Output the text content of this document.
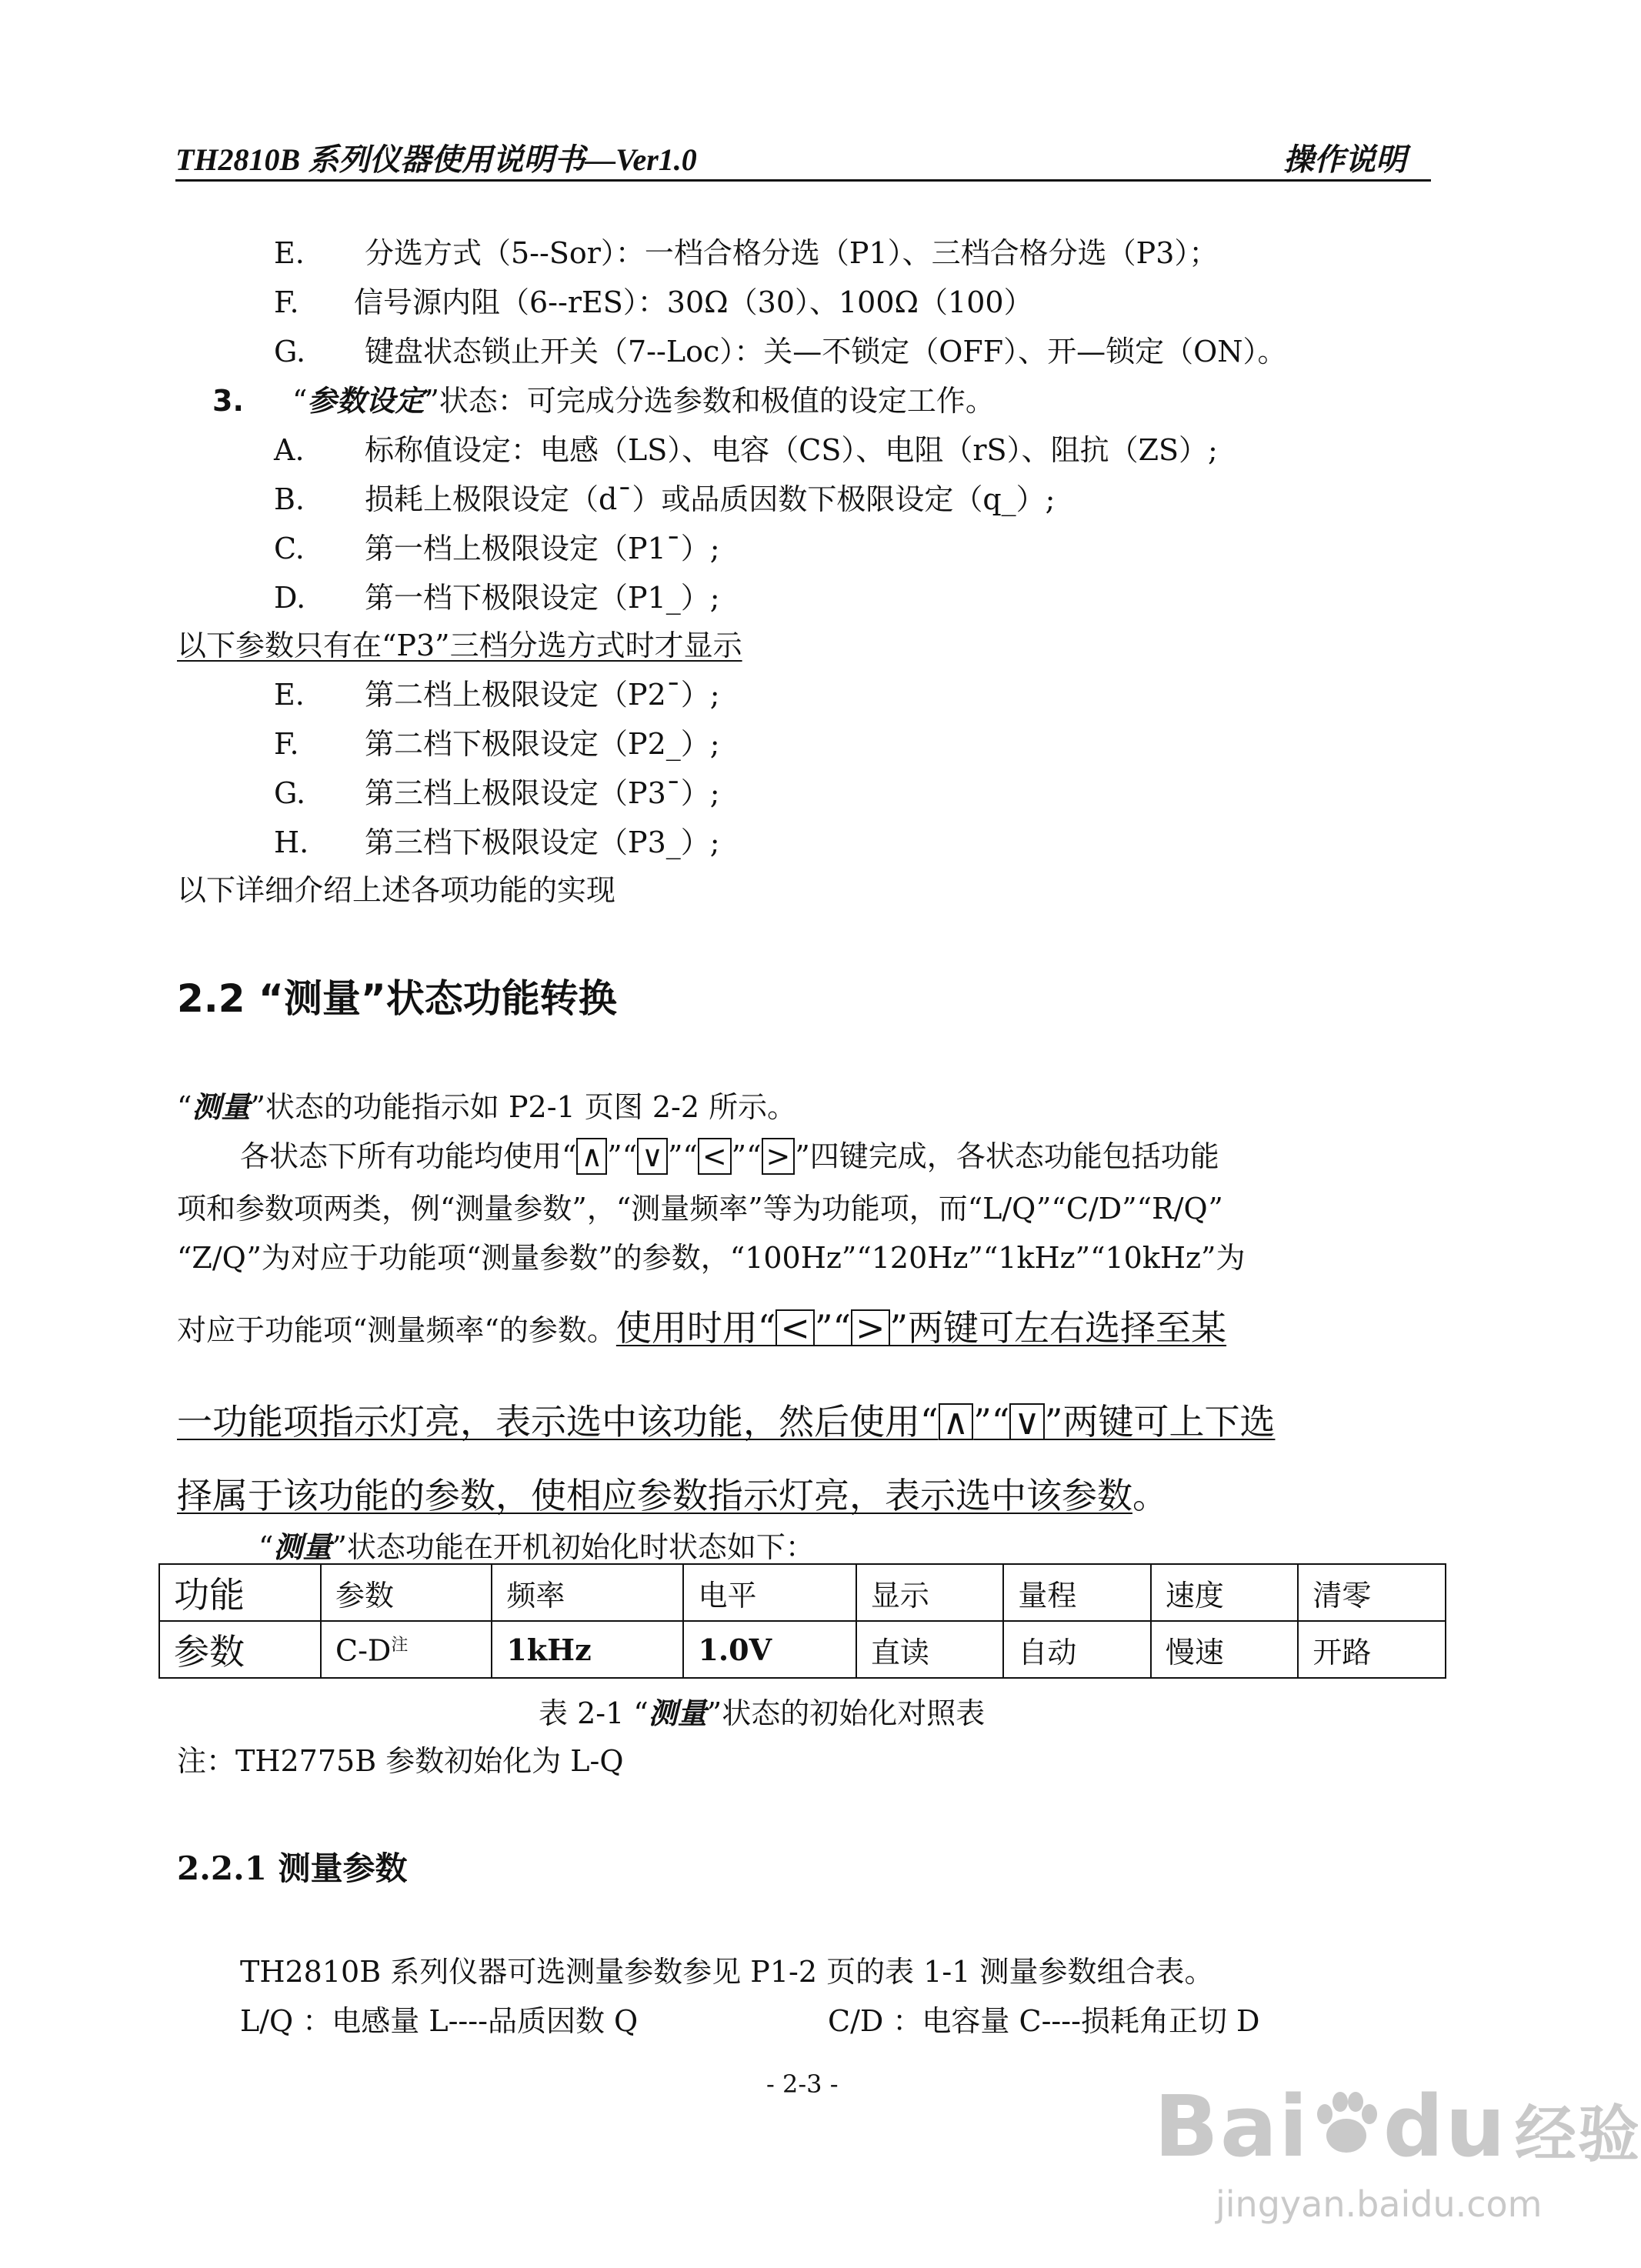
TH2810B 系列仪器使用说明书—Ver1.0	操作说明
E. 分选方式（5--Sor）：一档合格分选（P1）、三档合格分选（P3）；
F. 信号源内阻（6--rES）：30Ω（30）、100Ω（100）
G. 键盘状态锁止开关（7--Loc）：关—不锁定（OFF）、开—锁定（ON）。
3. “参数设定”状态：可完成分选参数和极值的设定工作。
A. 标称值设定：电感（LS）、电容（CS）、电阻（rS）、阻抗（ZS）;
B. 损耗上极限设定（d¯）或品质因数下极限设定（q_）;
C. 第一档上极限设定（P1¯）;
D. 第一档下极限设定（P1_）;
以下参数只有在“P3”三档分选方式时才显示
E. 第二档上极限设定（P2¯）;
F. 第二档下极限设定（P2_）;
G. 第三档上极限设定（P3¯）;
H. 第三档下极限设定（P3_）;
以下详细介绍上述各项功能的实现
2.2 “测量”状态功能转换
“测量”状态的功能指示如 P2-1 页图 2-2 所示。
各状态下所有功能均使用“ ∧ ”“ ∨ ”“ < ”“ > ”四键完成，各状态功能包括功能
项和参数项两类，例“测量参数”，“测量频率”等为功能项，而“L/Q”“C/D”“R/Q”
“Z/Q”为对应于功能项“测量参数”的参数，“100Hz”“120Hz”“1kHz”“10kHz”为
对应于功能项“测量频率“的参数。使用时用“ < ”“ > ”两键可左右选择至某
一功能项指示灯亮，表示选中该功能，然后使用“ ∧ ”“ ∨ ”两键可上下选
择属于该功能的参数，使相应参数指示灯亮，表示选中该参数。
“测量”状态功能在开机初始化时状态如下：
功能	参数	频率	电平	显示	量程	速度	清零
参数	$C-D^注$	1kHz	1.0V	直读	自动	慢速	开路
表 2-1 “测量”状态的初始化对照表
注：TH2775B 参数初始化为 L-Q
2.2.1 测量参数
TH2810B 系列仪器可选测量参数参见 P1-2 页的表 1-1 测量参数组合表。
L/Q ：电感量 L----品质因数 Q	C/D ：电容量 C----损耗角正切 D
- 2-3 -	Bai du 经验
jingyan.baidu.com
